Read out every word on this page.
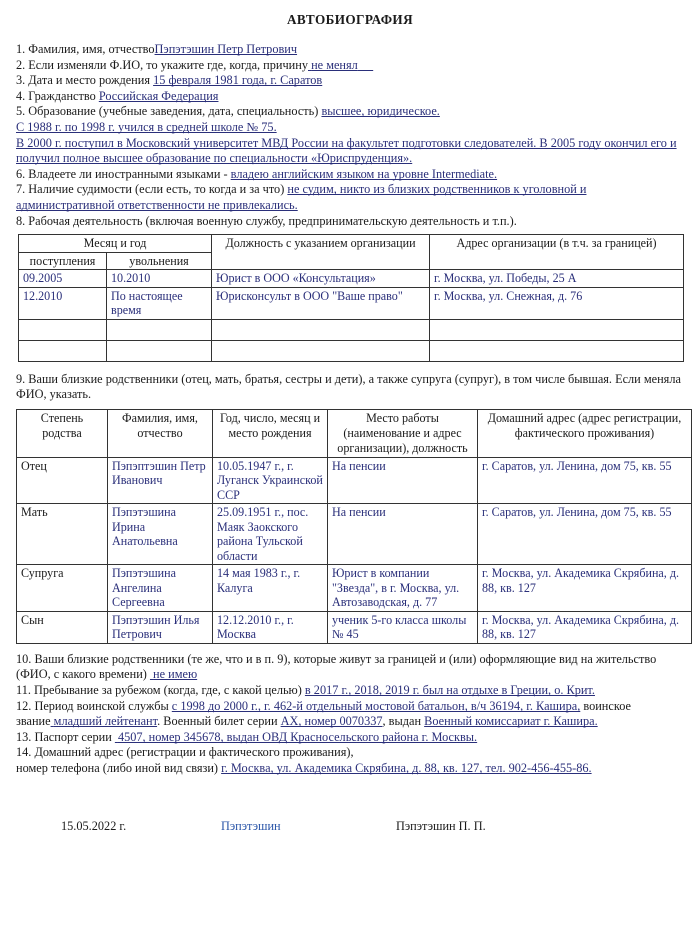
АВТОБИОГРАФИЯ
1. Фамилия, имя, отчествоПэпэтэшин Петр Петрович
2. Если изменяли Ф.ИО, то укажите где, когда, причину не менял
3. Дата и место рождения 15 февраля 1981 года, г. Саратов
4. Гражданство Российская Федерация
5. Образование (учебные заведения, дата, специальность) высшее, юридическое.
С 1988 г. по 1998 г. учился в средней школе № 75.
В 2000 г. поступил в Московский университет МВД России на факультет подготовки следователей. В 2005 году окончил его и получил полное высшее образование по специальности «Юриспруденция».
6. Владеете ли иностранными языками - владею английским языком на уровне Intermediate.
7. Наличие судимости (если есть, то когда и за что) не судим, никто из близких родственников к уголовной и административной ответственности не привлекались.
8. Рабочая деятельность (включая военную службу, предпринимательскую деятельность и т.п.).
Месяц и год		Должность с указанием организации	Адрес организации (в т.ч. за границей)
поступления	увольнения		
09.2005	10.2010	Юрист в ООО «Консультация»	г. Москва, ул. Победы, 25 А
12.2010	По настоящее время	Юрисконсульт в ООО "Ваше право"	г. Москва, ул. Снежная, д. 76

9. Ваши близкие родственники (отец, мать, братья, сестры и дети), а также супруга (супруг), в том числе бывшая. Если меняла ФИО, указать.
Степень родства	Фамилия, имя, отчество	Год, число, месяц и место рождения	Место работы (наименование и адрес организации), должность	Домашний адрес (адрес регистрации, фактического проживания)
Отец	Пэпэптэшин Петр Иванович	10.05.1947 г., г. Луганск Украинской ССР	На пенсии	г. Саратов, ул. Ленина, дом 75, кв. 55
Мать	Пэпэтэшина Ирина Анатольевна	25.09.1951 г., пос. Маяк Заокского района Тульской области	На пенсии	г. Саратов, ул. Ленина, дом 75, кв. 55
Супруга	Пэпэтэшина Ангелина Сергеевна	14 мая 1983 г., г. Калуга	Юрист в компании "Звезда", в г. Москва, ул. Автозаводская, д. 77	г. Москва, ул. Академика Скрябина, д. 88, кв. 127
Сын	Пэпэтэшин Илья Петрович	12.12.2010 г., г. Москва	ученик 5-го класса школы № 45	г. Москва, ул. Академика Скрябина, д. 88, кв. 127
10. Ваши близкие родственники (те же, что и в п. 9), которые живут за границей и (или) оформляющие вид на жительство (ФИО, с какого времени) не имею
11. Пребывание за рубежом (когда, где, с какой целью) в 2017 г., 2018, 2019 г. был на отдыхе в Греции, о. Крит.
12. Период воинской службы с 1998 до 2000 г., г. 462-й отдельный мостовой батальон, в/ч 36194, г. Кашира, воинское звание младший лейтенант. Военный билет серии АХ, номер 0070337, выдан Военный комиссариат г. Кашира.
13. Паспорт серии 4507, номер 345678, выдан ОВД Красносельского района г. Москвы.
14. Домашний адрес (регистрации и фактического проживания),
номер телефона (либо иной вид связи) г. Москва, ул. Академика Скрябина, д. 88, кв. 127, тел. 902-456-455-86.
15.05.2022 г.	Пэпэтэшин	Пэпэтэшин П. П.
